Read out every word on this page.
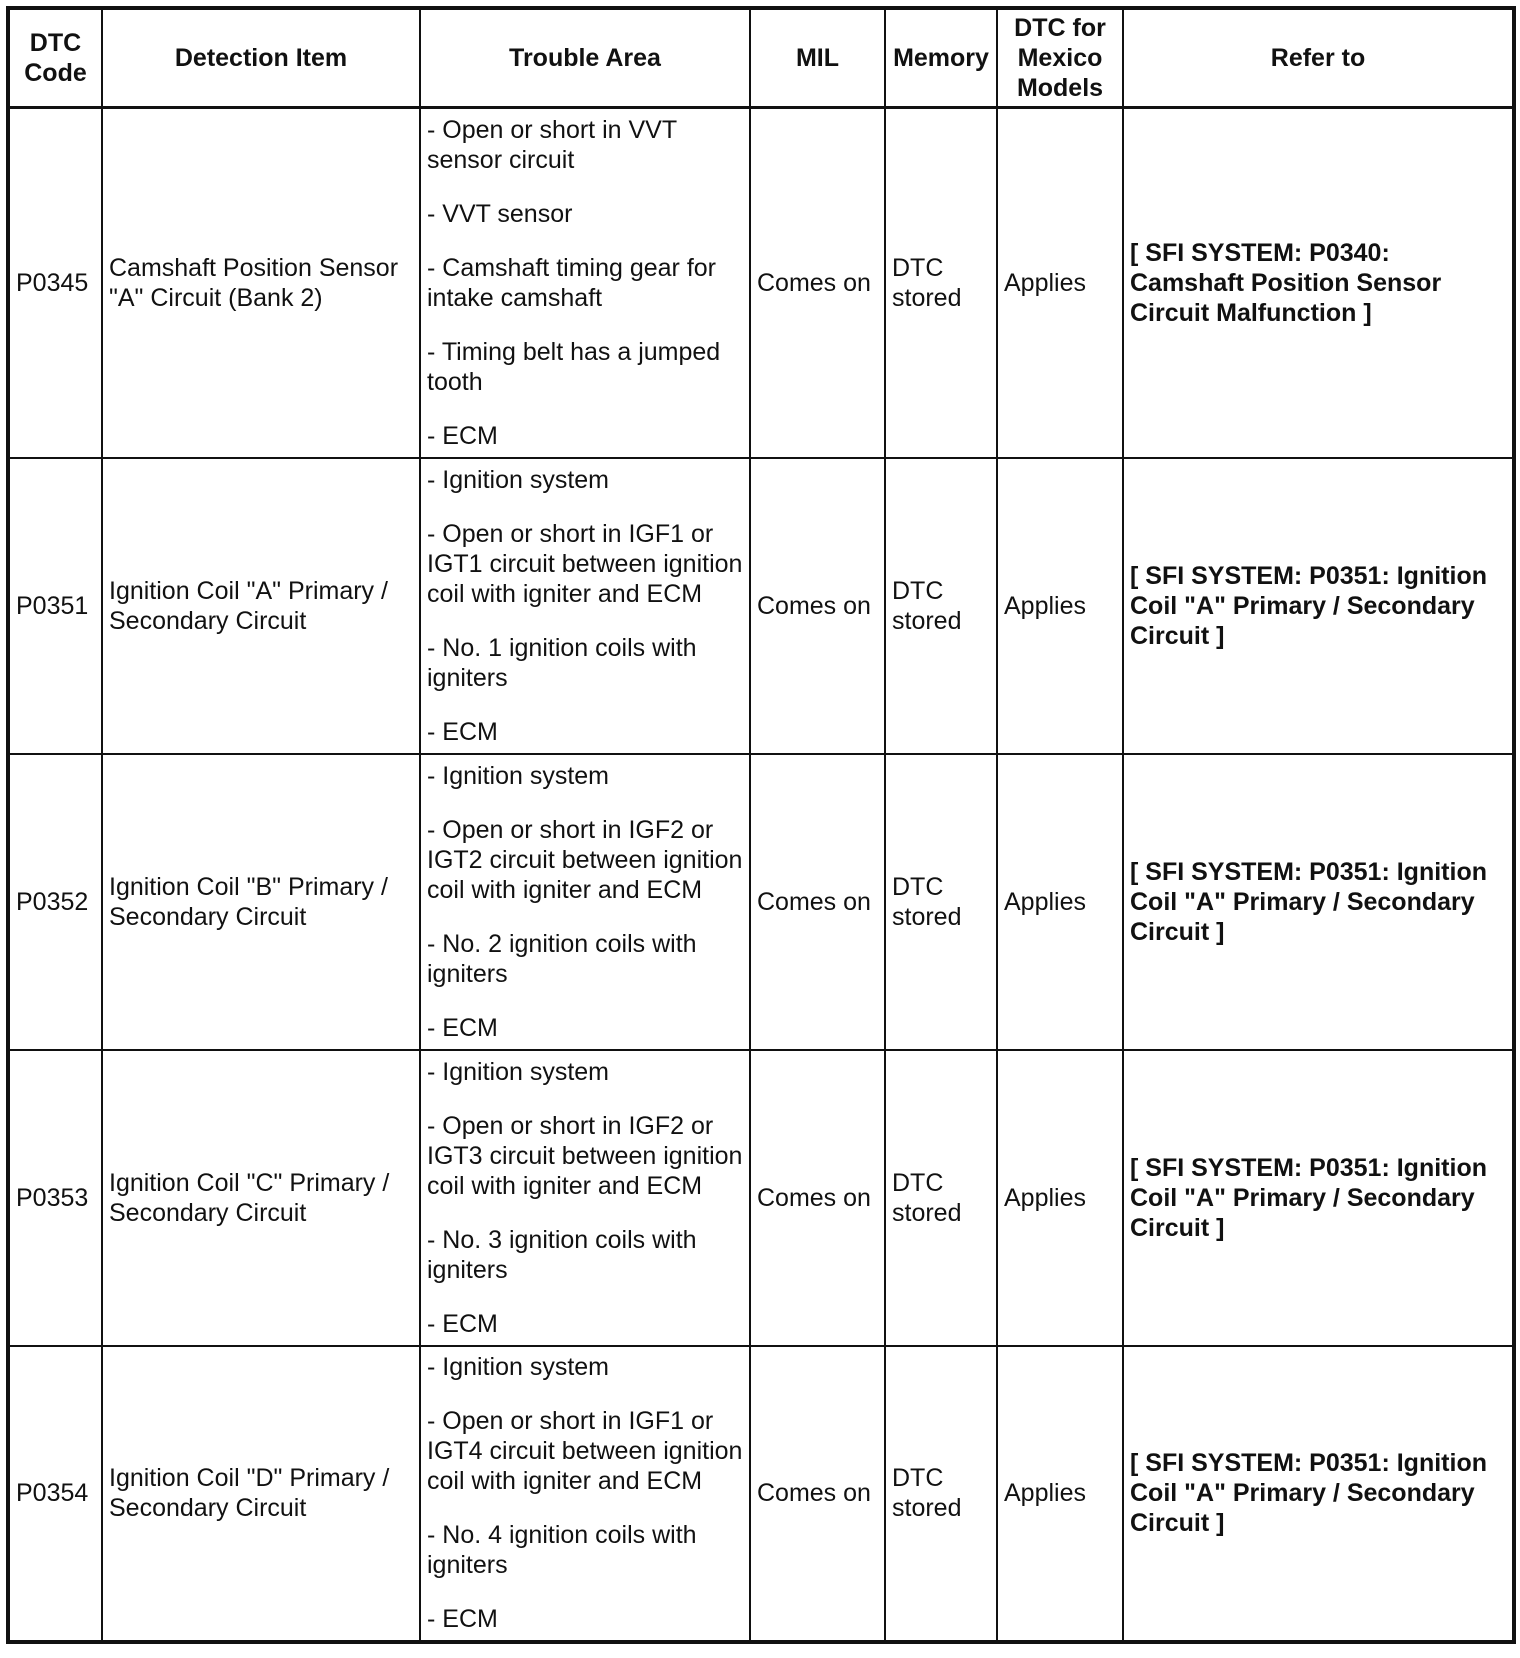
DTC
Code	Detection Item	Trouble Area	MIL	Memory	DTC for
Mexico
Models	Refer to
P0345	Camshaft Position Sensor "A" Circuit (Bank 2)	- Open or short in VVT sensor circuit
- VVT sensor
- Camshaft timing gear for intake camshaft
- Timing belt has a jumped tooth
- ECM	Comes on	DTC stored	Applies	[ SFI SYSTEM: P0340: Camshaft Position Sensor Circuit Malfunction ]
P0351	Ignition Coil "A" Primary / Secondary Circuit	- Ignition system
- Open or short in IGF1 or IGT1 circuit between ignition coil with igniter and ECM
- No. 1 ignition coils with igniters
- ECM	Comes on	DTC stored	Applies	[ SFI SYSTEM: P0351: Ignition Coil "A" Primary / Secondary Circuit ]
P0352	Ignition Coil "B" Primary / Secondary Circuit	- Ignition system
- Open or short in IGF2 or IGT2 circuit between ignition coil with igniter and ECM
- No. 2 ignition coils with igniters
- ECM	Comes on	DTC stored	Applies	[ SFI SYSTEM: P0351: Ignition Coil "A" Primary / Secondary Circuit ]
P0353	Ignition Coil "C" Primary / Secondary Circuit	- Ignition system
- Open or short in IGF2 or IGT3 circuit between ignition coil with igniter and ECM
- No. 3 ignition coils with igniters
- ECM	Comes on	DTC stored	Applies	[ SFI SYSTEM: P0351: Ignition Coil "A" Primary / Secondary Circuit ]
P0354	Ignition Coil "D" Primary / Secondary Circuit	- Ignition system
- Open or short in IGF1 or IGT4 circuit between ignition coil with igniter and ECM
- No. 4 ignition coils with igniters
- ECM	Comes on	DTC stored	Applies	[ SFI SYSTEM: P0351: Ignition Coil "A" Primary / Secondary Circuit ]
